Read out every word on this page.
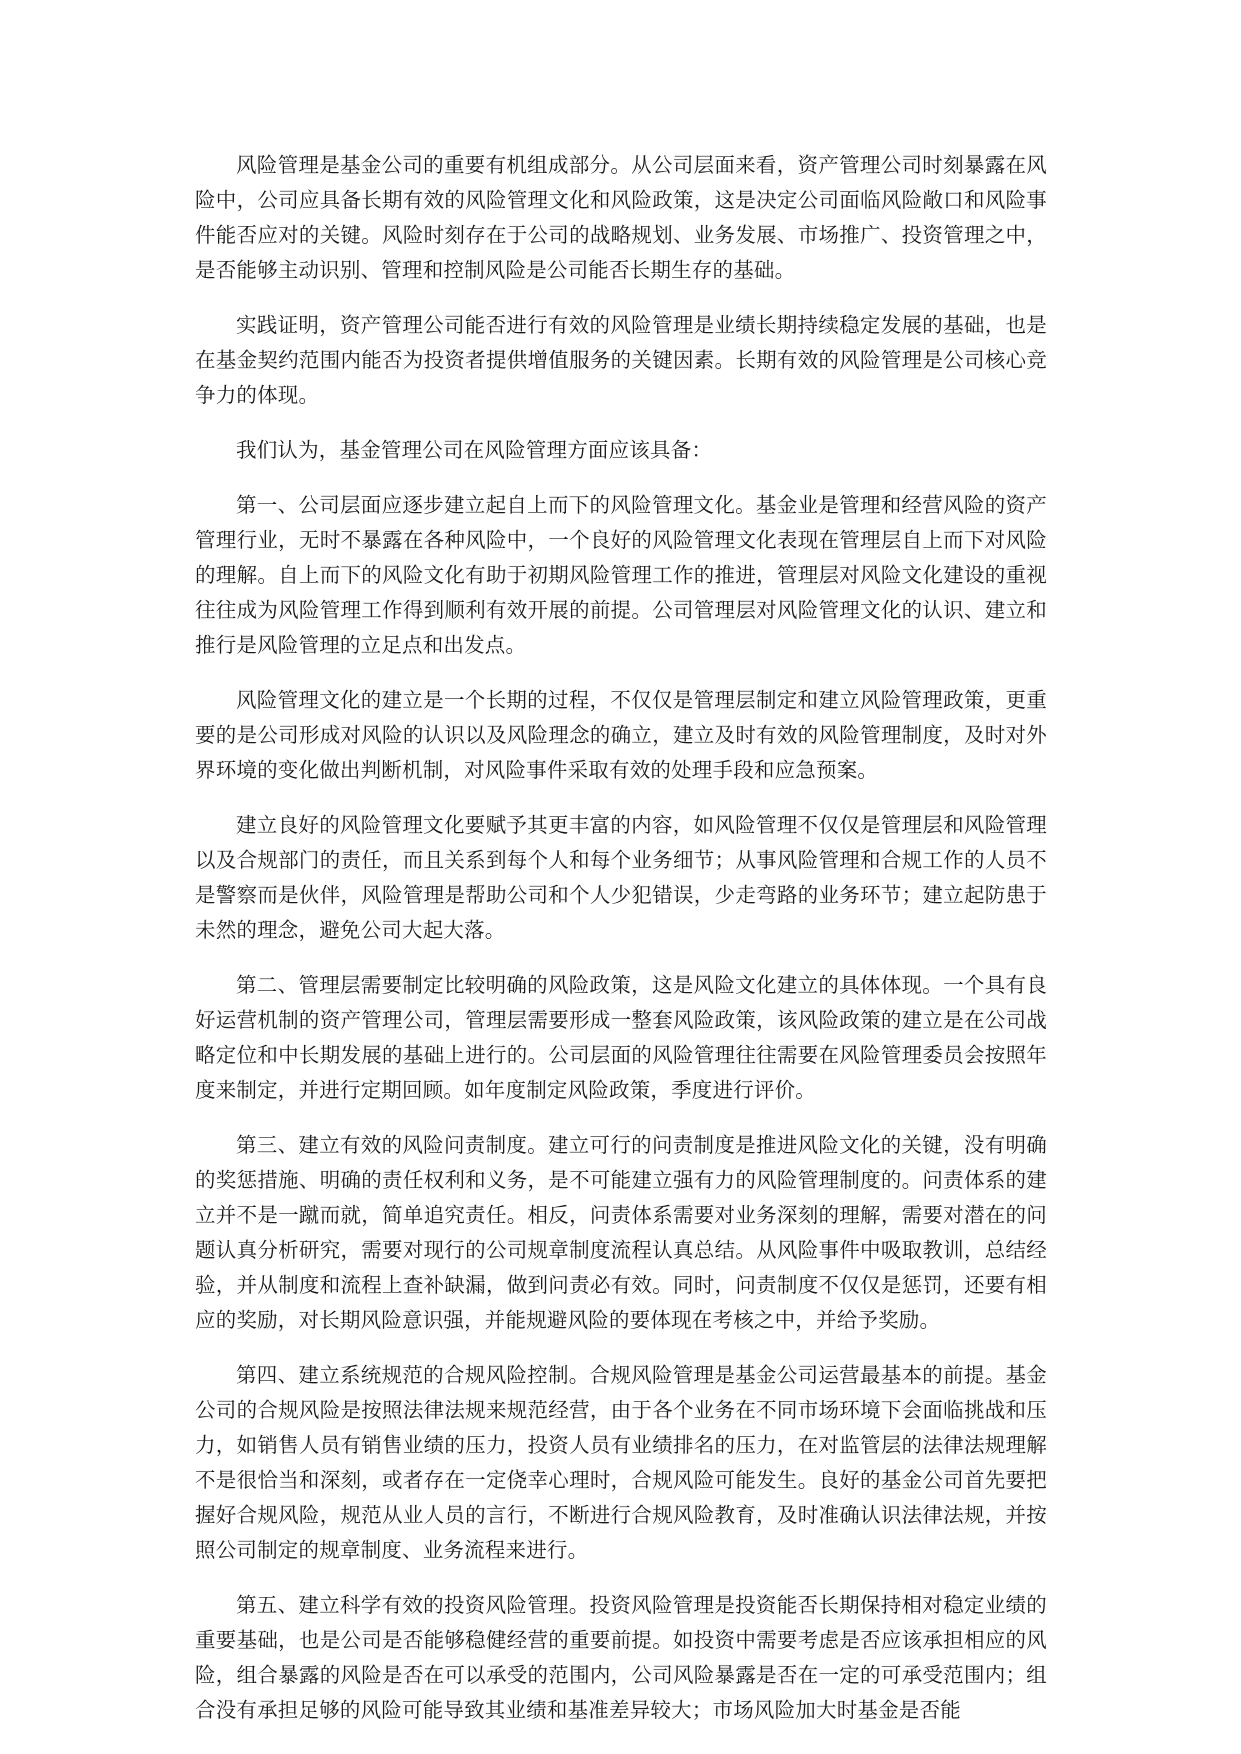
风险管理是基金公司的重要有机组成部分。从公司层面来看，资产管理公司时刻暴露在风险中，公司应具备长期有效的风险管理文化和风险政策，这是决定公司面临风险敞口和风险事件能否应对的关键。风险时刻存在于公司的战略规划、业务发展、市场推广、投资管理之中，是否能够主动识别、管理和控制风险是公司能否长期生存的基础。

实践证明，资产管理公司能否进行有效的风险管理是业绩长期持续稳定发展的基础，也是在基金契约范围内能否为投资者提供增值服务的关键因素。长期有效的风险管理是公司核心竞争力的体现。

我们认为，基金管理公司在风险管理方面应该具备：

第一、公司层面应逐步建立起自上而下的风险管理文化。基金业是管理和经营风险的资产管理行业，无时不暴露在各种风险中，一个良好的风险管理文化表现在管理层自上而下对风险的理解。自上而下的风险文化有助于初期风险管理工作的推进，管理层对风险文化建设的重视往往成为风险管理工作得到顺利有效开展的前提。公司管理层对风险管理文化的认识、建立和推行是风险管理的立足点和出发点。

风险管理文化的建立是一个长期的过程，不仅仅是管理层制定和建立风险管理政策，更重要的是公司形成对风险的认识以及风险理念的确立，建立及时有效的风险管理制度，及时对外界环境的变化做出判断机制，对风险事件采取有效的处理手段和应急预案。

建立良好的风险管理文化要赋予其更丰富的内容，如风险管理不仅仅是管理层和风险管理以及合规部门的责任，而且关系到每个人和每个业务细节；从事风险管理和合规工作的人员不是警察而是伙伴，风险管理是帮助公司和个人少犯错误，少走弯路的业务环节；建立起防患于未然的理念，避免公司大起大落。

第二、管理层需要制定比较明确的风险政策，这是风险文化建立的具体体现。一个具有良好运营机制的资产管理公司，管理层需要形成一整套风险政策，该风险政策的建立是在公司战略定位和中长期发展的基础上进行的。公司层面的风险管理往往需要在风险管理委员会按照年度来制定，并进行定期回顾。如年度制定风险政策，季度进行评价。

第三、建立有效的风险问责制度。建立可行的问责制度是推进风险文化的关键，没有明确的奖惩措施、明确的责任权利和义务，是不可能建立强有力的风险管理制度的。问责体系的建立并不是一蹴而就，简单追究责任。相反，问责体系需要对业务深刻的理解，需要对潜在的问题认真分析研究，需要对现行的公司规章制度流程认真总结。从风险事件中吸取教训，总结经验，并从制度和流程上查补缺漏，做到问责必有效。同时，问责制度不仅仅是惩罚，还要有相应的奖励，对长期风险意识强，并能规避风险的要体现在考核之中，并给予奖励。

第四、建立系统规范的合规风险控制。合规风险管理是基金公司运营最基本的前提。基金公司的合规风险是按照法律法规来规范经营，由于各个业务在不同市场环境下会面临挑战和压力，如销售人员有销售业绩的压力，投资人员有业绩排名的压力，在对监管层的法律法规理解不是很恰当和深刻，或者存在一定侥幸心理时，合规风险可能发生。良好的基金公司首先要把握好合规风险，规范从业人员的言行，不断进行合规风险教育，及时准确认识法律法规，并按照公司制定的规章制度、业务流程来进行。

第五、建立科学有效的投资风险管理。投资风险管理是投资能否长期保持相对稳定业绩的重要基础，也是公司是否能够稳健经营的重要前提。如投资中需要考虑是否应该承担相应的风险，组合暴露的风险是否在可以承受的范围内，公司风险暴露是否在一定的可承受范围内；组合没有承担足够的风险可能导致其业绩和基准差异较大；市场风险加大时基金是否能
